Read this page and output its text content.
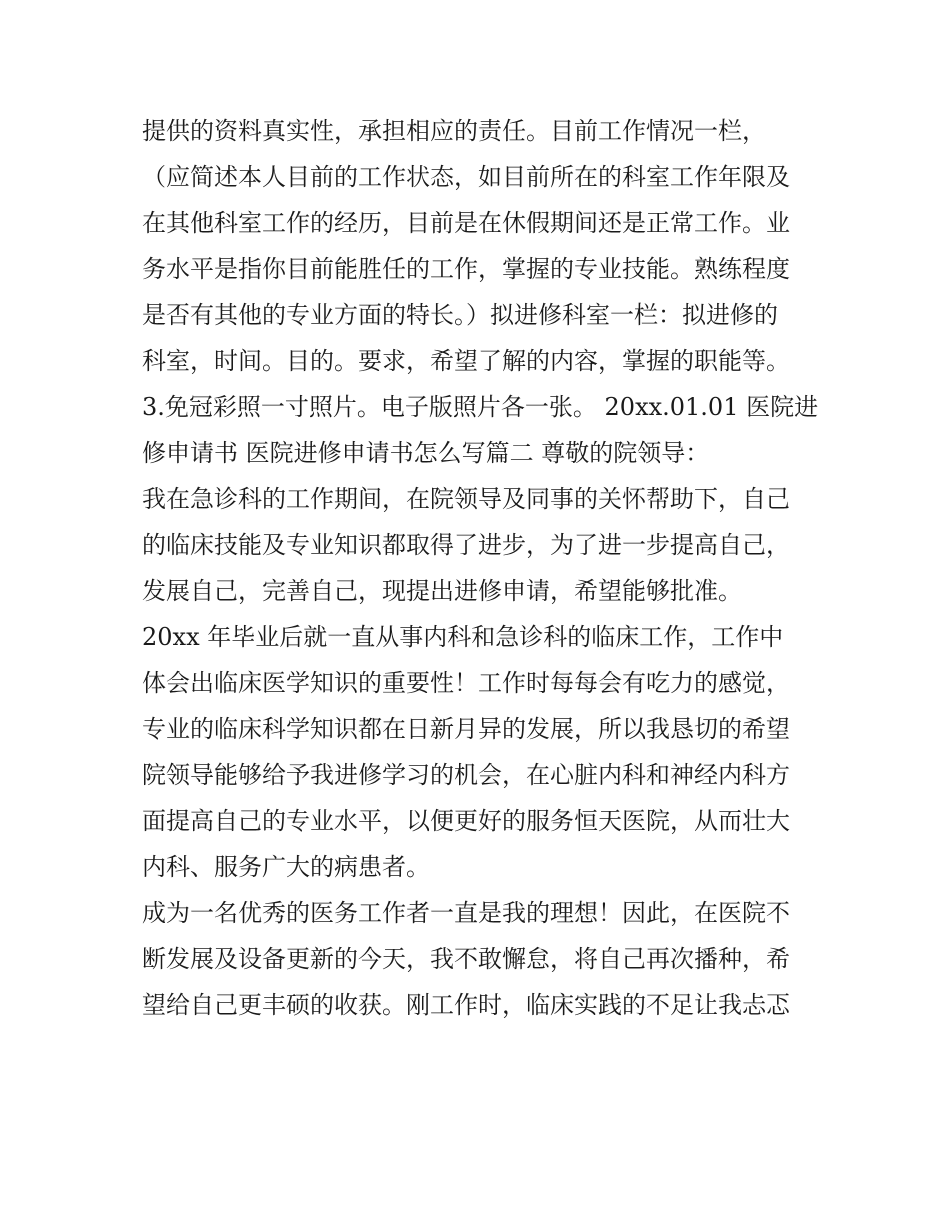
提供的资料真实性，承担相应的责任。目前工作情况一栏，
（应简述本人目前的工作状态，如目前所在的科室工作年限及
在其他科室工作的经历，目前是在休假期间还是正常工作。业
务水平是指你目前能胜任的工作，掌握的专业技能。熟练程度
是否有其他的专业方面的特长。）拟进修科室一栏：拟进修的
科室，时间。目的。要求，希望了解的内容，掌握的职能等。
3.免冠彩照一寸照片。电子版照片各一张。 20xx.01.01 医院进
修申请书 医院进修申请书怎么写篇二 尊敬的院领导：
我在急诊科的工作期间，在院领导及同事的关怀帮助下，自己
的临床技能及专业知识都取得了进步，为了进一步提高自己，
发展自己，完善自己，现提出进修申请，希望能够批准。
20xx 年毕业后就一直从事内科和急诊科的临床工作，工作中
体会出临床医学知识的重要性！工作时每每会有吃力的感觉，
专业的临床科学知识都在日新月异的发展，所以我恳切的希望
院领导能够给予我进修学习的机会，在心脏内科和神经内科方
面提高自己的专业水平，以便更好的服务恒天医院，从而壮大
内科、服务广大的病患者。
成为一名优秀的医务工作者一直是我的理想！因此，在医院不
断发展及设备更新的今天，我不敢懈怠，将自己再次播种，希
望给自己更丰硕的收获。刚工作时，临床实践的不足让我忐忑
